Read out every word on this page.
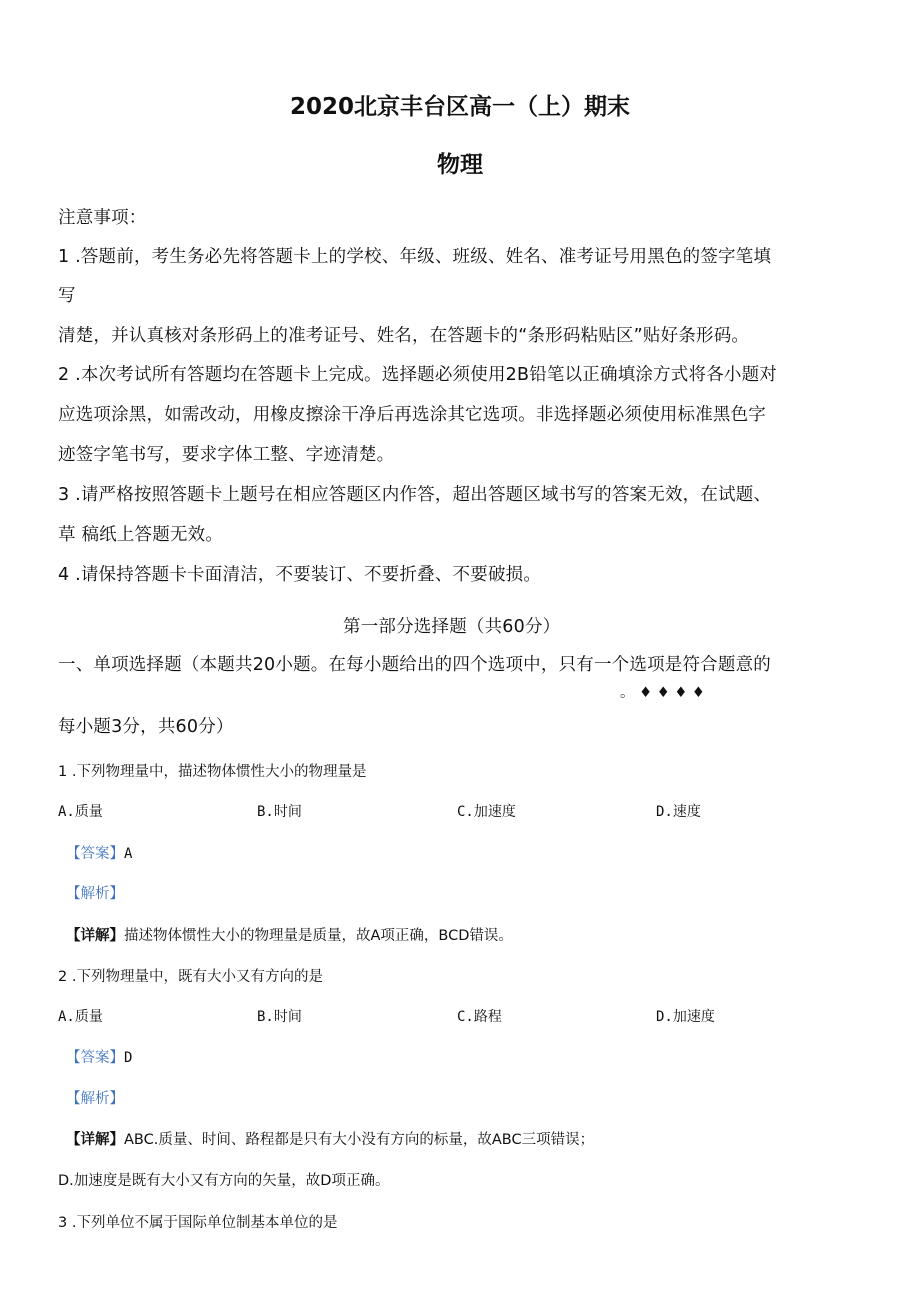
2020北京丰台区高一（上）期末
物理
注意事项：
1 .答题前，考生务必先将答题卡上的学校、年级、班级、姓名、准考证号用黑色的签字笔填
写
清楚，并认真核对条形码上的准考证号、姓名，在答题卡的“条形码粘贴区”贴好条形码。
2 .本次考试所有答题均在答题卡上完成。选择题必须使用2B铅笔以正确填涂方式将各小题对
应选项涂黑，如需改动，用橡皮擦涂干净后再选涂其它选项。非选择题必须使用标准黑色字
迹签字笔书写，要求字体工整、字迹清楚。
3 .请严格按照答题卡上题号在相应答题区内作答，超出答题区域书写的答案无效，在试题、
草 稿纸上答题无效。
4 .请保持答题卡卡面清洁，不要装订、不要折叠、不要破损。
第一部分选择题（共60分）
一、单项选择题（本题共20小题。在每小题给出的四个选项中，只有一个选项是符合题意的
。 ♦ ♦ ♦ ♦
每小题3分，共60分）
1 .下列物理量中，描述物体惯性大小的物理量是
A.质量	B.时间	C.加速度	D.速度
【答案】A
【解析】
【详解】描述物体惯性大小的物理量是质量，故A项正确，BCD错误。
2 .下列物理量中，既有大小又有方向的是
A.质量	B.时间	C.路程	D.加速度
【答案】D
【解析】
【详解】ABC.质量、时间、路程都是只有大小没有方向的标量，故ABC三项错误；
D.加速度是既有大小又有方向的矢量，故D项正确。
3 .下列单位不属于国际单位制基本单位的是
